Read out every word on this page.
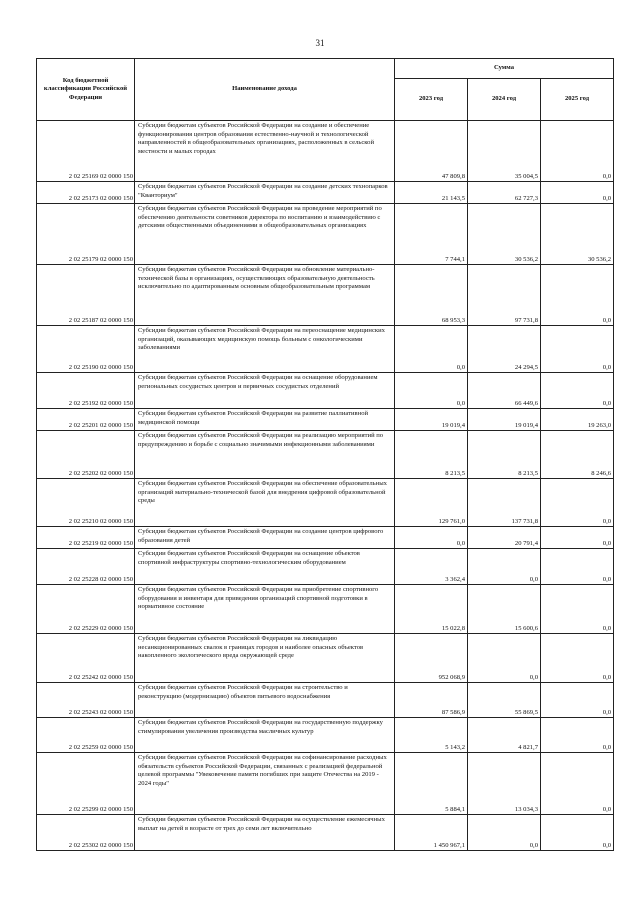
31
Код бюджетной классификации Российской Федерации	Наименование дохода	Сумма		
		2023 год	2024 год	2025 год
2 02 25169 02 0000 150	Субсидии бюджетам субъектов Российской Федерации на создание и обеспечение функционирования центров образования естественно-научной и технологической направленностей в общеобразовательных организациях, расположенных в сельской местности и малых городах	47 809,8	35 004,5	0,0
2 02 25173 02 0000 150	Субсидии бюджетам субъектов Российской Федерации на создание детских технопарков "Кванториум"	21 143,5	62 727,3	0,0
2 02 25179 02 0000 150	Субсидии бюджетам субъектов Российской Федерации на проведение мероприятий по обеспечению деятельности советников директора по воспитанию и взаимодействию с детскими общественными объединениями в общеобразовательных организациях	7 744,1	30 536,2	30 536,2
2 02 25187 02 0000 150	Субсидии бюджетам субъектов Российской Федерации на обновление материально-технической базы в организациях, осуществляющих образовательную деятельность исключительно по адаптированным основным общеобразовательным программам	68 953,3	97 731,8	0,0
2 02 25190 02 0000 150	Субсидии бюджетам субъектов Российской Федерации на переоснащение медицинских организаций, оказывающих медицинскую помощь больным с онкологическими заболеваниями	0,0	24 294,5	0,0
2 02 25192 02 0000 150	Субсидии бюджетам субъектов Российской Федерации на оснащение оборудованием региональных сосудистых центров и первичных сосудистых отделений	0,0	66 449,6	0,0
2 02 25201 02 0000 150	Субсидии бюджетам субъектов Российской Федерации на развитие паллиативной медицинской помощи	19 019,4	19 019,4	19 263,0
2 02 25202 02 0000 150	Субсидии бюджетам субъектов Российской Федерации на реализацию мероприятий по предупреждению и борьбе с социально значимыми инфекционными заболеваниями	8 213,5	8 213,5	8 246,6
2 02 25210 02 0000 150	Субсидии бюджетам субъектов Российской Федерации на обеспечение образовательных организаций материально-технической базой для внедрения цифровой образовательной среды	129 761,0	137 731,8	0,0
2 02 25219 02 0000 150	Субсидии бюджетам субъектов Российской Федерации на создание центров цифрового образования детей	0,0	20 791,4	0,0
2 02 25228 02 0000 150	Субсидии бюджетам субъектов Российской Федерации на оснащение объектов спортивной инфраструктуры спортивно-технологическим оборудованием	3 362,4	0,0	0,0
2 02 25229 02 0000 150	Субсидии бюджетам субъектов Российской Федерации на приобретение спортивного оборудования и инвентаря для приведения организаций спортивной подготовки в нормативное состояние	15 022,8	15 600,6	0,0
2 02 25242 02 0000 150	Субсидии бюджетам субъектов Российской Федерации на ликвидацию несанкционированных свалок в границах городов и наиболее опасных объектов накопленного экологического вреда окружающей среде	952 068,9	0,0	0,0
2 02 25243 02 0000 150	Субсидии бюджетам субъектов Российской Федерации на строительство и реконструкцию (модернизацию) объектов питьевого водоснабжения	87 586,9	55 869,5	0,0
2 02 25259 02 0000 150	Субсидии бюджетам субъектов Российской Федерации на государственную поддержку стимулирования увеличения производства масличных культур	5 143,2	4 821,7	0,0
2 02 25299 02 0000 150	Субсидии бюджетам субъектов Российской Федерации на софинансирование расходных обязательств субъектов Российской Федерации, связанных с реализацией федеральной целевой программы "Увековечение памяти погибших при защите Отечества на 2019 - 2024 годы"	5 884,1	13 034,3	0,0
2 02 25302 02 0000 150	Субсидии бюджетам субъектов Российской Федерации на осуществление ежемесячных выплат на детей в возрасте от трех до семи лет включительно	1 450 967,1	0,0	0,0
